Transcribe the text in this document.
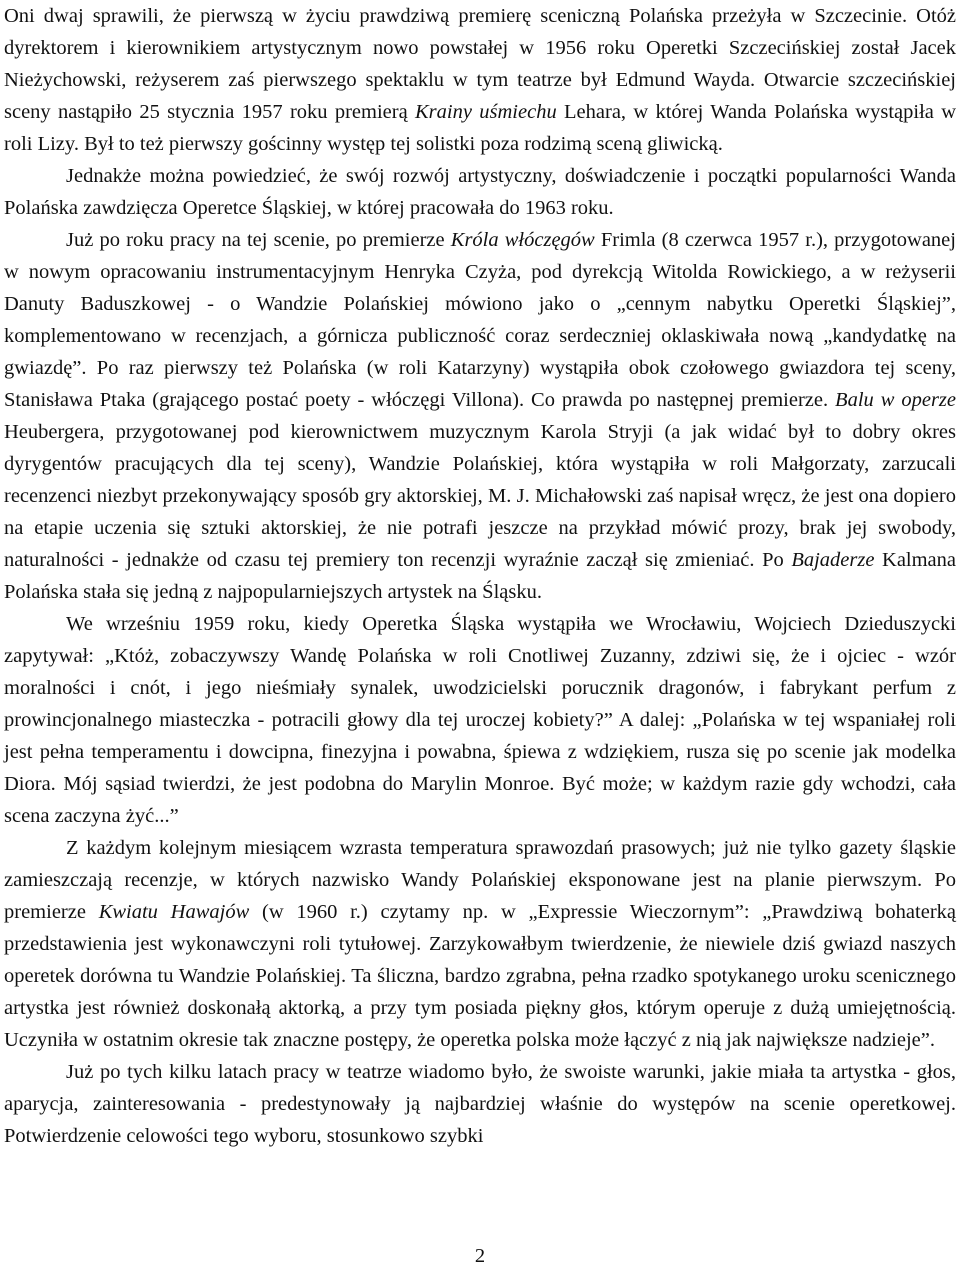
Oni dwaj sprawili, że pierwszą w życiu prawdziwą premierę sceniczną Polańska przeżyła w Szczecinie. Otóż dyrektorem i kierownikiem artystycznym nowo powstałej w 1956 roku Operetki Szczecińskiej został Jacek Nieżychowski, reżyserem zaś pierwszego spektaklu w tym teatrze był Edmund Wayda. Otwarcie szczecińskiej sceny nastąpiło 25 stycznia 1957 roku premierą Krainy uśmiechu Lehara, w której Wanda Polańska wystąpiła w roli Lizy. Był to też pierwszy gościnny występ tej solistki poza rodzimą sceną gliwicką.

Jednakże można powiedzieć, że swój rozwój artystyczny, doświadczenie i początki popularności Wanda Polańska zawdzięcza Operetce Śląskiej, w której pracowała do 1963 roku.

Już po roku pracy na tej scenie, po premierze Króla włóczęgów Frimla (8 czerwca 1957 r.), przygotowanej w nowym opracowaniu instrumentacyjnym Henryka Czyża, pod dyrekcją Witolda Rowickiego, a w reżyserii Danuty Baduszkowej - o Wandzie Polańskiej mówiono jako o „cennym nabytku Operetki Śląskiej”, komplementowano w recenzjach, a górnicza publiczność coraz serdeczniej oklaskiwała nową „kandydatkę na gwiazdę”. Po raz pierwszy też Polańska (w roli Katarzyny) wystąpiła obok czołowego gwiazdora tej sceny, Stanisława Ptaka (grającego postać poety - włóczęgi Villona). Co prawda po następnej premierze. Balu w operze Heubergera, przygotowanej pod kierownictwem muzycznym Karola Stryji (a jak widać był to dobry okres dyrygentów pracujących dla tej sceny), Wandzie Polańskiej, która wystąpiła w roli Małgorzaty, zarzucali recenzenci niezbyt przekonywający sposób gry aktorskiej, M. J. Michałowski zaś napisał wręcz, że jest ona dopiero na etapie uczenia się sztuki aktorskiej, że nie potrafi jeszcze na przykład mówić prozy, brak jej swobody, naturalności - jednakże od czasu tej premiery ton recenzji wyraźnie zaczął się zmieniać. Po Bajaderze Kalmana Polańska stała się jedną z najpopularniejszych artystek na Śląsku.

We wrześniu 1959 roku, kiedy Operetka Śląska wystąpiła we Wrocławiu, Wojciech Dzieduszycki zapytywał: „Któż, zobaczywszy Wandę Polańska w roli Cnotliwej Zuzanny, zdziwi się, że i ojciec - wzór moralności i cnót, i jego nieśmiały synalek, uwodzicielski porucznik dragonów, i fabrykant perfum z prowincjonalnego miasteczka - potracili głowy dla tej uroczej kobiety?” A dalej: „Polańska w tej wspaniałej roli jest pełna temperamentu i dowcipna, finezyjna i powabna, śpiewa z wdziękiem, rusza się po scenie jak modelka Diora. Mój sąsiad twierdzi, że jest podobna do Marylin Monroe. Być może; w każdym razie gdy wchodzi, cała scena zaczyna żyć...”

Z każdym kolejnym miesiącem wzrasta temperatura sprawozdań prasowych; już nie tylko gazety śląskie zamieszczają recenzje, w których nazwisko Wandy Polańskiej eksponowane jest na planie pierwszym. Po premierze Kwiatu Hawajów (w 1960 r.) czytamy np. w „Expressie Wieczornym”: „Prawdziwą bohaterką przedstawienia jest wykonawczyni roli tytułowej. Zarzykowałbym twierdzenie, że niewiele dziś gwiazd naszych operetek dorówna tu Wandzie Polańskiej. Ta śliczna, bardzo zgrabna, pełna rzadko spotykanego uroku scenicznego artystka jest również doskonałą aktorką, a przy tym posiada piękny głos, którym operuje z dużą umiejętnością. Uczyniła w ostatnim okresie tak znaczne postępy, że operetka polska może łączyć z nią jak największe nadzieje”.

Już po tych kilku latach pracy w teatrze wiadomo było, że swoiste warunki, jakie miała ta artystka - głos, aparycja, zainteresowania - predestynowały ją najbardziej właśnie do występów na scenie operetkowej. Potwierdzenie celowości tego wyboru, stosunkowo szybki

2
